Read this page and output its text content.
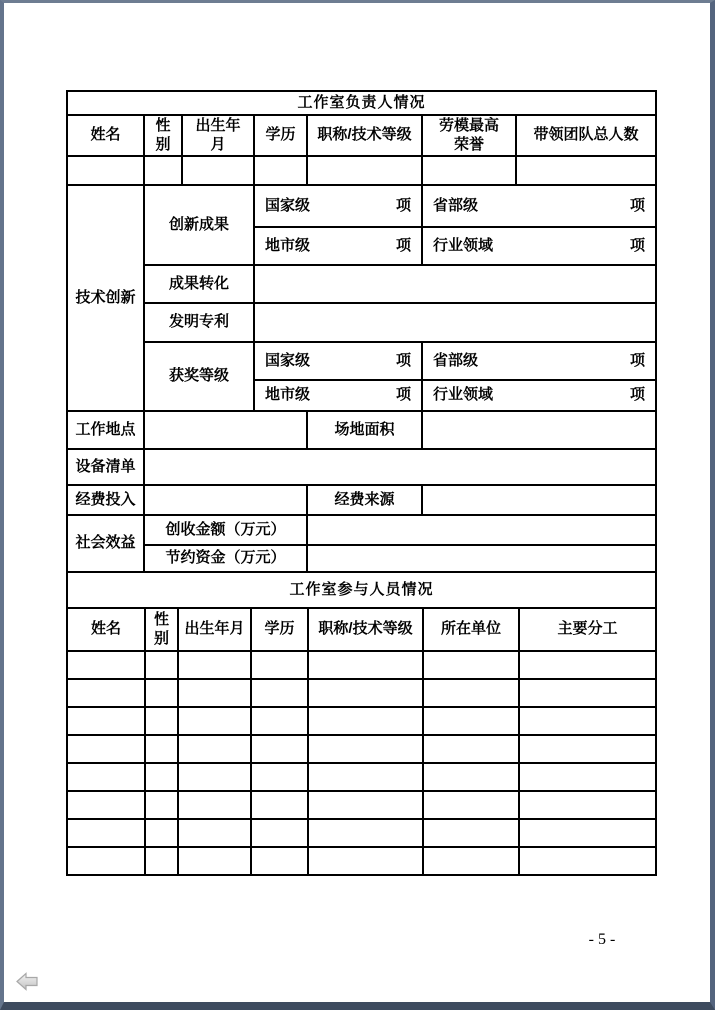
工作室负责人情况						
姓名	性别	出生年月	学历	职称/技术等级	劳模最高荣誉	带领团队总人数

技术创新	创新成果	国家级 项		省部级 项

		地市级 项		行业领域 项

	成果转化			
	发明专利			
	获奖等级	国家级 项		省部级 项

		地市级 项		行业领域 项

工作地点			场地面积	
设备清单				
经费投入			经费来源	
社会效益	创收金额（万元）			
	节约资金（万元）			
工作室参与人员情况						
姓名	性别	出生年月	学历	职称/技术等级	所在单位	主要分工

- 5 -
